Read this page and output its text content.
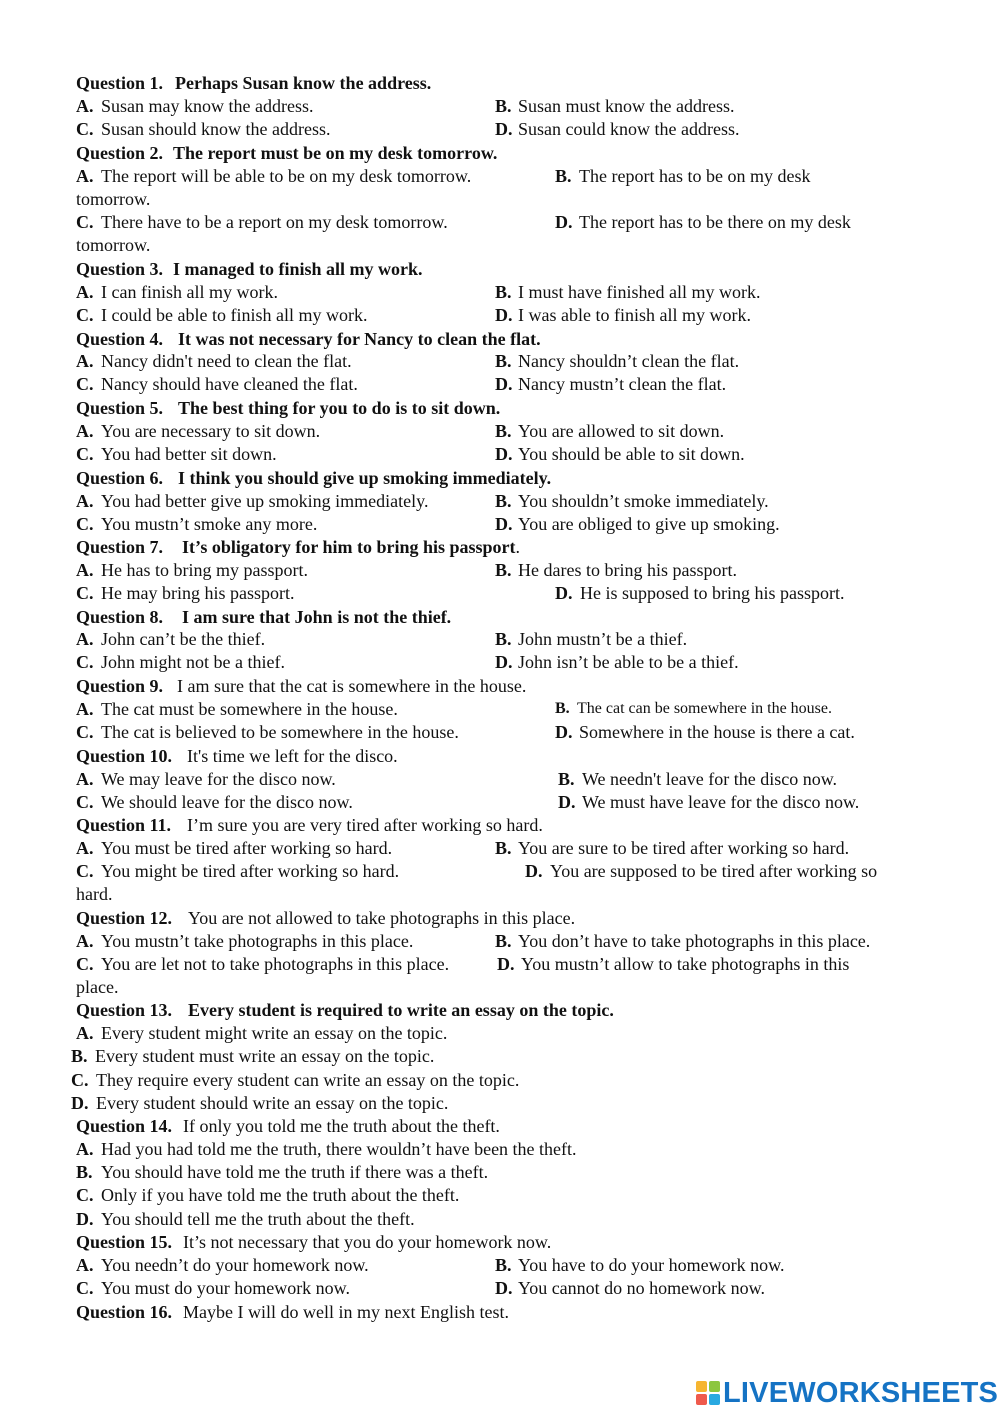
Question 1. Perhaps Susan know the address.
A. Susan may know the address.	B. Susan must know the address.
C. Susan should know the address.	D. Susan could know the address.
Question 2. The report must be on my desk tomorrow.
A. The report will be able to be on my desk tomorrow.	B. The report has to be on my desk
tomorrow.
C. There have to be a report on my desk tomorrow.	D. The report has to be there on my desk
tomorrow.
Question 3. I managed to finish all my work.
A. I can finish all my work.	B. I must have finished all my work.
C. I could be able to finish all my work.	D. I was able to finish all my work.
Question 4. It was not necessary for Nancy to clean the flat.
A. Nancy didn't need to clean the flat.	B. Nancy shouldn’t clean the flat.
C. Nancy should have cleaned the flat.	D. Nancy mustn’t clean the flat.
Question 5. The best thing for you to do is to sit down.
A. You are necessary to sit down.	B. You are allowed to sit down.
C. You had better sit down.	D. You should be able to sit down.
Question 6. I think you should give up smoking immediately.
A. You had better give up smoking immediately.	B. You shouldn’t smoke immediately.
C. You mustn’t smoke any more.	D. You are obliged to give up smoking.
Question 7. It’s obligatory for him to bring his passport.
A. He has to bring my passport.	B. He dares to bring his passport.
C. He may bring his passport.	D. He is supposed to bring his passport.
Question 8. I am sure that John is not the thief.
A. John can’t be the thief.	B. John mustn’t be a thief.
C. John might not be a thief.	D. John isn’t be able to be a thief.
Question 9. I am sure that the cat is somewhere in the house.
A. The cat must be somewhere in the house.	B. The cat can be somewhere in the house.
C. The cat is believed to be somewhere in the house.	D. Somewhere in the house is there a cat.
Question 10. It's time we left for the disco.
A. We may leave for the disco now.	B. We needn't leave for the disco now.
C. We should leave for the disco now.	D. We must have leave for the disco now.
Question 11. I’m sure you are very tired after working so hard.
A. You must be tired after working so hard.	B. You are sure to be tired after working so hard.
C. You might be tired after working so hard.	D. You are supposed to be tired after working so
hard.
Question 12. You are not allowed to take photographs in this place.
A. You mustn’t take photographs in this place.	B. You don’t have to take photographs in this place.
C. You are let not to take photographs in this place.	D. You mustn’t allow to take photographs in this
place.
Question 13. Every student is required to write an essay on the topic.
A. Every student might write an essay on the topic.
B. Every student must write an essay on the topic.
C. They require every student can write an essay on the topic.
D. Every student should write an essay on the topic.
Question 14. If only you told me the truth about the theft.
A. Had you had told me the truth, there wouldn’t have been the theft.
B. You should have told me the truth if there was a theft.
C. Only if you have told me the truth about the theft.
D. You should tell me the truth about the theft.
Question 15. It’s not necessary that you do your homework now.
A. You needn’t do your homework now.	B. You have to do your homework now.
C. You must do your homework now.	D. You cannot do no homework now.
Question 16. Maybe I will do well in my next English test.
LIVEWORKSHEETS
